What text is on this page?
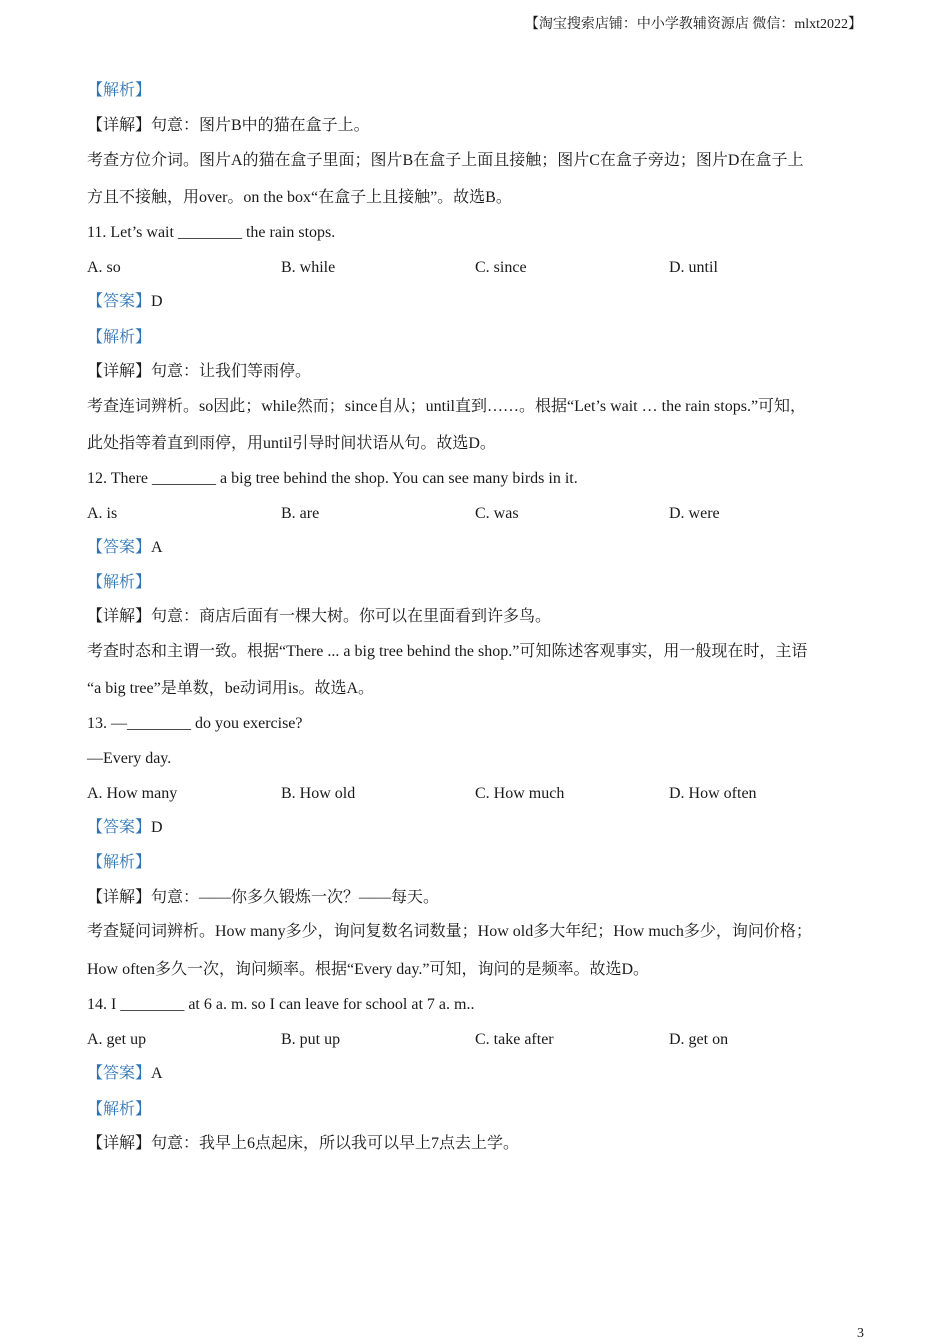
【淘宝搜索店铺：中小学教辅资源店 微信：mlxt2022】
【解析】
【详解】句意：图片B中的猫在盒子上。
考查方位介词。图片A的猫在盒子里面；图片B在盒子上面且接触；图片C在盒子旁边；图片D在盒子上
方且不接触，用over。on the box“在盒子上且接触”。故选B。
11. Let’s wait ________ the rain stops.
A. so	B. while	C. since	D. until
【答案】D
【解析】
【详解】句意：让我们等雨停。
考查连词辨析。so因此；while然而；since自从；until直到……。根据“Let’s wait … the rain stops.”可知，
此处指等着直到雨停，用until引导时间状语从句。故选D。
12. There ________ a big tree behind the shop. You can see many birds in it.
A. is	B. are	C. was	D. were
【答案】A
【解析】
【详解】句意：商店后面有一棵大树。你可以在里面看到许多鸟。
考查时态和主谓一致。根据“There ... a big tree behind the shop.”可知陈述客观事实，用一般现在时，主语
“a big tree”是单数，be动词用is。故选A。
13. —________ do you exercise?
—Every day.
A. How many	B. How old	C. How much	D. How often
【答案】D
【解析】
【详解】句意：——你多久锻炼一次？——每天。
考查疑问词辨析。How many多少，询问复数名词数量；How old多大年纪；How much多少，询问价格；
How often多久一次，询问频率。根据“Every day.”可知，询问的是频率。故选D。
14. I ________ at 6 a. m. so I can leave for school at 7 a. m..
A. get up	B. put up	C. take after	D. get on
【答案】A
【解析】
【详解】句意：我早上6点起床，所以我可以早上7点去上学。
3
